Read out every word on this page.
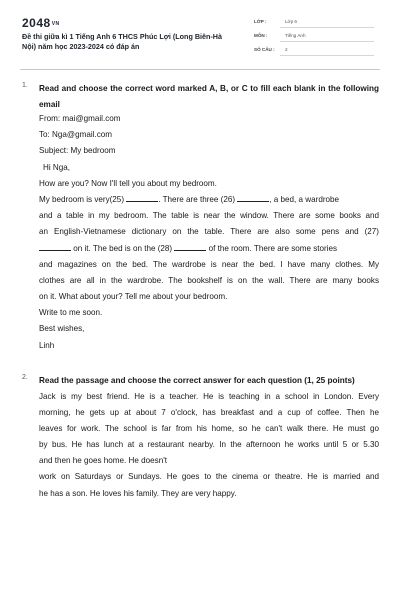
2048VN
Đề thi giữa kì 1 Tiếng Anh 6 THCS Phúc Lợi (Long Biên-Hà Nội) năm học 2023-2024 có đáp án
LỚP :	Lớp 6
MÔN :	Tiếng Anh
SỐ CÂU : 2
1. Read and choose the correct word marked A, B, or C to fill each blank in the following email
From: mai@gmail.com
To: Nga@gmail.com
Subject: My bedroom
Hi Nga,
How are you? Now I'll tell you about my bedroom.
My bedroom is very(25)	. There are three (26)	, a bed, a wardrobe
and a table in my bedroom. The table is near the window. There are some books and
an English-Vietnamese dictionary on the table. There are also some pens and (27)
on it. The bed is on the (28)	of the room. There are some stories
and magazines on the bed. The wardrobe is near the bed. I have many clothes. My
clothes are all in the wardrobe. The bookshelf is on the wall. There are many books
on it. What about your? Tell me about your bedroom.
Write to me soon.
Best wishes,
Linh
2. Read the passage and choose the correct answer for each question (1, 25 points)
Jack is my best friend. He is a teacher. He is teaching in a school in London. Every
morning, he gets up at about 7 o'clock, has breakfast and a cup of coffee. Then he
leaves for work. The school is far from his home, so he can't walk there. He must go
by bus. He has lunch at a restaurant nearby. In the afternoon he works until 5 or 5.30
and then he goes home. He doesn't
work on Saturdays or Sundays. He goes to the cinema or theatre. He is married and
he has a son. He loves his family. They are very happy.
